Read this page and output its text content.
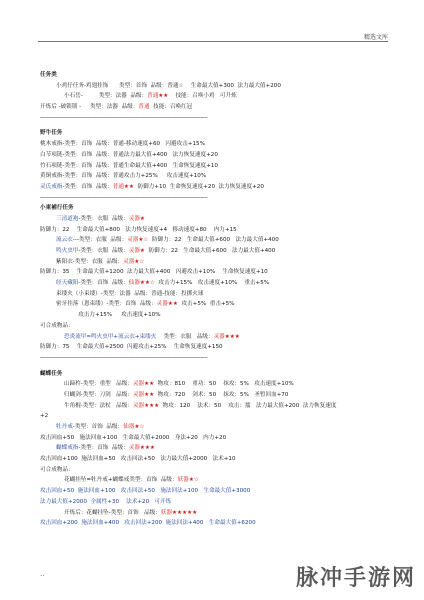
精选文库
任务类
小鸡仔任务-鸡翅挂饰      类型：首饰  品级：普通☆    生命最大值+300  法力最大值+200
小石岳-         类型：法器  品级：普通★★    技能：召唤小鸡   可升炼
开炼后 -破锁锁 -     类型：法器  品级：普通  技能：召唤红冠
-----------------------------------------------------------------------------------------------------------------------
野牛任务
桃木戒指-类型：首饰  品级：普通-移动速度+60   闪避攻击+15%
白节项链-类型：首饰  品级：普通法力最大值+400   法力恢复速度+20
竹石项链-类型：首饰  品级：普通生命最大值+400   生命恢复速度+10
黄铜戒指-类型：首饰  品级：普通攻击力+25%     攻击速度+10%
灵氏戒指-类型：首饰  品级：普通★★  防御力+10  生命恢复速度+20  法力恢复速度+20
-----------------------------------------------------------------------------------------------------------------------
小東補行任务
三清道袍-类型：衣服  品级：灵器★
防御力：22    生命最大值+800   法力恢复速度+4   移动速度+80    内力+15
流云衣---类型：衣服  品级：灵器★☆  防御力：22   生命最大值+600   法力最大值+400
鸣火虫甲-类型：衣服  品级：灵器★  防御力：22   生命最大值+600   法力最大值+400
紫阳衣-类型：衣服  品级：灵器★☆
防御力：35    生命最大值+1200  法力最大值+400   闪避攻击+10%    生命恢复速度+10
经天藏阳-类型：首饰  品级：仙器★★☆  攻击力+15%   攻击速度+10%    重击+5%
束缕火（小束缕）-类型：法器  品级：普通-技能：投掷火球
密牙挂落（恩束缕）-类型：首饰  品级：灵器★★  攻击+5%  重击+5%
攻击力+15%     攻击速度+10%
可合成物品：
恐炎流甲=鸣火虫甲+流云衣+束缕火    类型：衣服   品级：灵器★★★
防御力：75    生命最大值+2500  闪避攻击+25%    生命恢复速度+150
-----------------------------------------------------------------------------------------------------------------------
蝴蝶任务
山蹄杵-类型：重型   品级：灵器★★  物攻：810    重功：50    抹攻：5%   攻击速度+10%
归蝴剑-类型：刀剑   品级：灵器★★  物攻：720    剑术：50    抹攻：5%   圣暂回血+70
牛角棍-类型：法杖   品级：灵器★★★  物攻：120    法术：50    攻击：擂   法力最大值+200  法力恢复速度
+2
牡丹戒-类型：首饰  品级：仙器★☆
攻击回血+50   施法回血+100   生命最大值+2000   身法+20   内力+20
蝴蝶戒指-类型：首饰  品级：灵器★★★
攻击回血+100  施法回血+50   攻击回法+50   法力最大值+2000   法术+10
可合成物品：
花蝴挂坠=牡丹戒+蝴蝶戒类型：首饰  品级：妖器★☆
攻击回血+50  施法回血+100   攻击回法+50   施法回法+100   生命最大值+3000
法力最大值+2000  全属性+30    法术+20   可开炼
开炼后：花蝴挂坠-类型：首饰   品级：妖器★★★★★
攻击回血+200  施法回血+400   攻击回法+200  施法回法+400   生命最大值+6200
..	脉冲手游网
